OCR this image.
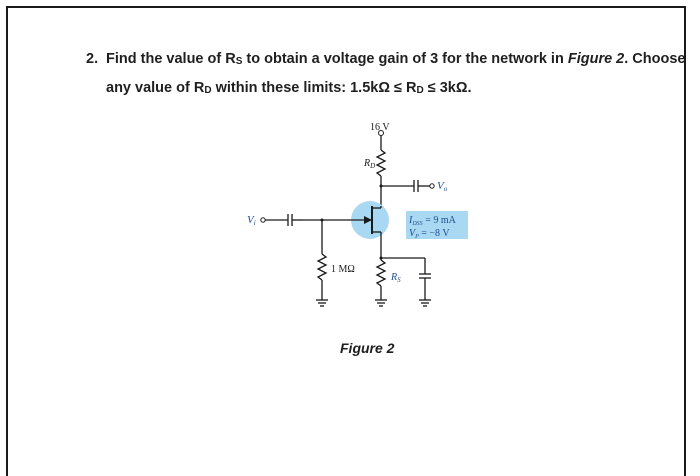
2. Find the value of RS to obtain a voltage gain of 3 for the network in Figure 2. Choose
any value of RD within these limits: 1.5kΩ ≤ RD ≤ 3kΩ.
16 V
$R_D$
Vo
$I_{DSS} = 9$ mA
$V_P = -8$ V
Vi
1 MΩ
$R_S$
Figure 2
